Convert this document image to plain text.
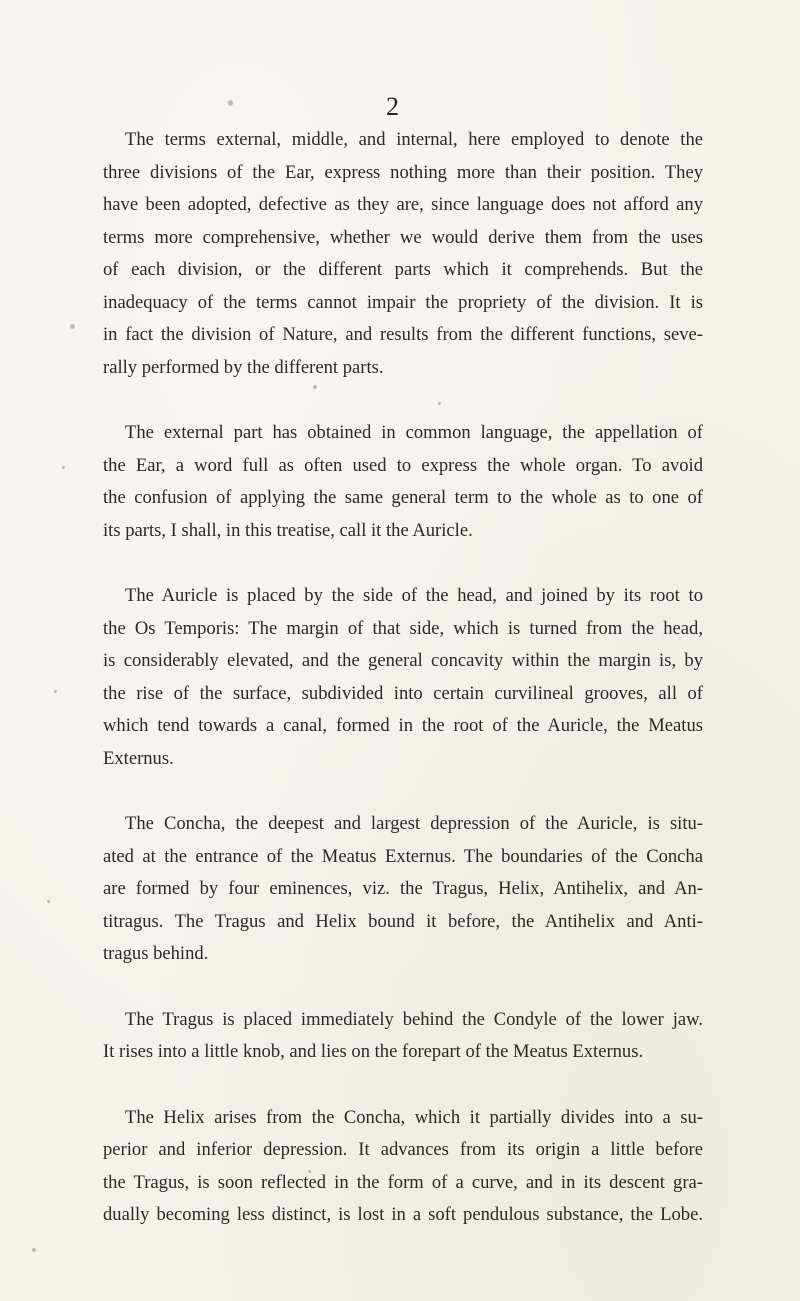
2

The terms external, middle, and internal, here employed to denote the
three divisions of the Ear, express nothing more than their position. They
have been adopted, defective as they are, since language does not afford any
terms more comprehensive, whether we would derive them from the uses
of each division, or the different parts which it comprehends. But the
inadequacy of the terms cannot impair the propriety of the division. It is
in fact the division of Nature, and results from the different functions, seve-
rally performed by the different parts.

The external part has obtained in common language, the appellation of
the Ear, a word full as often used to express the whole organ. To avoid
the confusion of applying the same general term to the whole as to one of
its parts, I shall, in this treatise, call it the Auricle.

The Auricle is placed by the side of the head, and joined by its root to
the Os Temporis: The margin of that side, which is turned from the head,
is considerably elevated, and the general concavity within the margin is, by
the rise of the surface, subdivided into certain curvilineal grooves, all of
which tend towards a canal, formed in the root of the Auricle, the Meatus
Externus.

The Concha, the deepest and largest depression of the Auricle, is situ-
ated at the entrance of the Meatus Externus. The boundaries of the Concha
are formed by four eminences, viz. the Tragus, Helix, Antihelix, and An-
titragus. The Tragus and Helix bound it before, the Antihelix and Anti-
tragus behind.

The Tragus is placed immediately behind the Condyle of the lower jaw.
It rises into a little knob, and lies on the forepart of the Meatus Externus.

The Helix arises from the Concha, which it partially divides into a su-
perior and inferior depression. It advances from its origin a little before
the Tragus, is soon reflected in the form of a curve, and in its descent gra-
dually becoming less distinct, is lost in a soft pendulous substance, the Lobe.
